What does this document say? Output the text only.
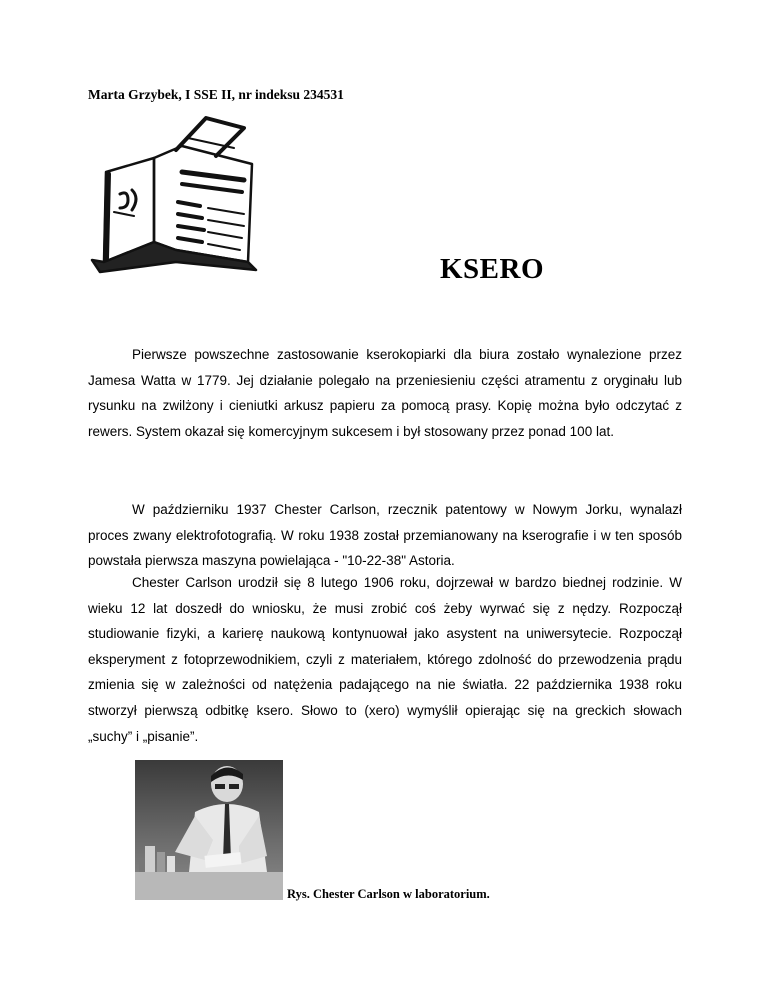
Marta Grzybek, I SSE II, nr indeksu 234531
KSERO

Pierwsze powszechne zastosowanie kserokopiarki dla biura zostało wynalezione przez Jamesa Watta w 1779. Jej działanie polegało na przeniesieniu części atramentu z oryginału lub rysunku na zwilżony i cieniutki arkusz papieru za pomocą prasy. Kopię można było odczytać z rewers. System okazał się komercyjnym sukcesem i był stosowany przez ponad 100 lat.

W październiku 1937 Chester Carlson, rzecznik patentowy w Nowym Jorku, wynalazł proces zwany elektrofotografią. W roku 1938 został przemianowany na kserografie i w ten sposób powstała pierwsza maszyna powielająca - "10-22-38" Astoria.

Chester Carlson urodził się 8 lutego 1906 roku, dojrzewał w bardzo biednej rodzinie. W wieku 12 lat doszedł do wniosku, że musi zrobić coś żeby wyrwać się z nędzy. Rozpoczął studiowanie fizyki, a karierę naukową kontynuował jako asystent na uniwersytecie. Rozpoczął eksperyment z fotoprzewodnikiem, czyli z materiałem, którego zdolność do przewodzenia prądu zmienia się w zależności od natężenia padającego na nie światła. 22 października 1938 roku stworzył pierwszą odbitkę ksero. Słowo to (xero) wymyślił opierając się na greckich słowach „suchy” i „pisanie”.

Rys. Chester Carlson w laboratorium.
